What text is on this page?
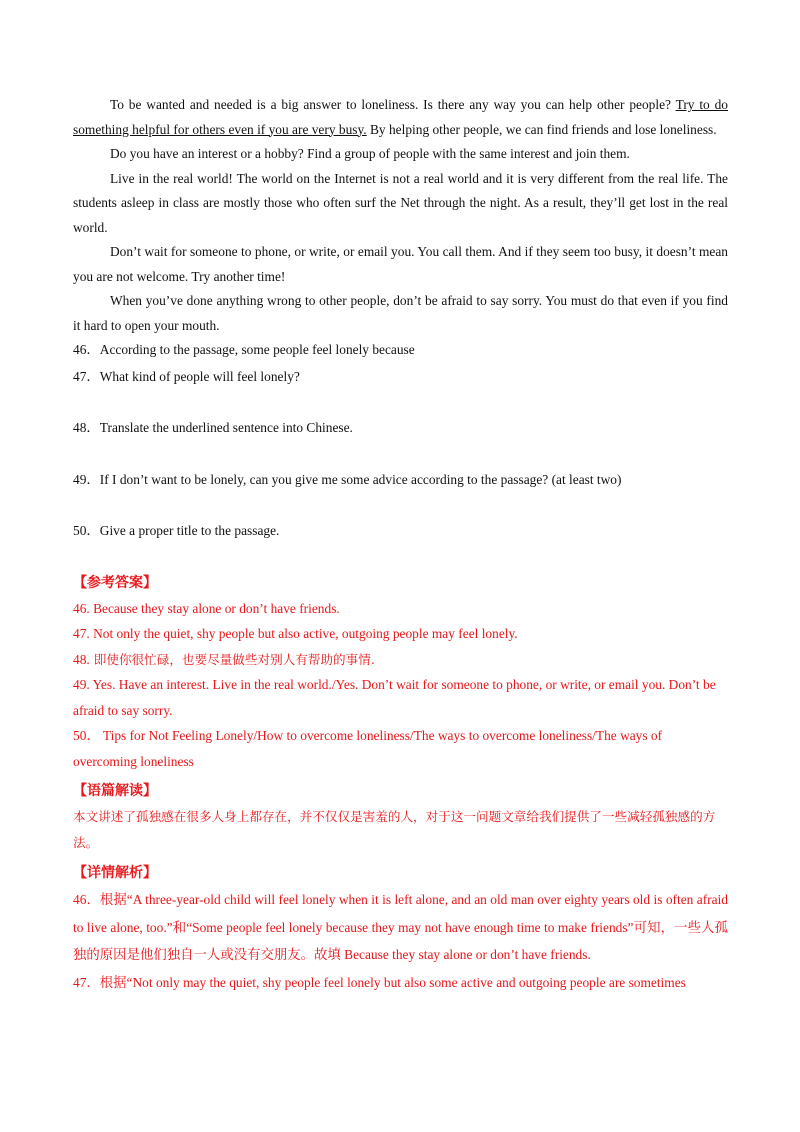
To be wanted and needed is a big answer to loneliness. Is there any way you can help other people? Try to do something helpful for others even if you are very busy. By helping other people, we can find friends and lose loneliness.

Do you have an interest or a hobby? Find a group of people with the same interest and join them.

Live in the real world! The world on the Internet is not a real world and it is very different from the real life. The students asleep in class are mostly those who often surf the Net through the night. As a result, they’ll get lost in the real world.

Don’t wait for someone to phone, or write, or email you. You call them. And if they seem too busy, it doesn’t mean you are not welcome. Try another time!

When you’ve done anything wrong to other people, don’t be afraid to say sorry. You must do that even if you find it hard to open your mouth.

46．According to the passage, some people feel lonely because

47．What kind of people will feel lonely?

48．Translate the underlined sentence into Chinese.

49．If I don’t want to be lonely, can you give me some advice according to the passage? (at least two)

50．Give a proper title to the passage.

【参考答案】

46. Because they stay alone or don’t have friends.

47. Not only the quiet, shy people but also active, outgoing people may feel lonely.

48. 即使你很忙碌，也要尽量做些对别人有帮助的事情.

49. Yes. Have an interest. Live in the real world./Yes. Don’t wait for someone to phone, or write, or email you. Don’t be afraid to say sorry.

50． Tips for Not Feeling Lonely/How to overcome loneliness/The ways to overcome loneliness/The ways of overcoming loneliness

【语篇解读】

本文讲述了孤独感在很多人身上都存在，并不仅仅是害羞的人，对于这一问题文章给我们提供了一些减轻孤独感的方法。

【详情解析】

46．根据“A three-year-old child will feel lonely when it is left alone, and an old man over eighty years old is often afraid to live alone, too.”和“Some people feel lonely because they may not have enough time to make friends”可知，一些人孤独的原因是他们独自一人或没有交朋友。故填 Because they stay alone or don’t have friends.

47．根据“Not only may the quiet, shy people feel lonely but also some active and outgoing people are sometimes
